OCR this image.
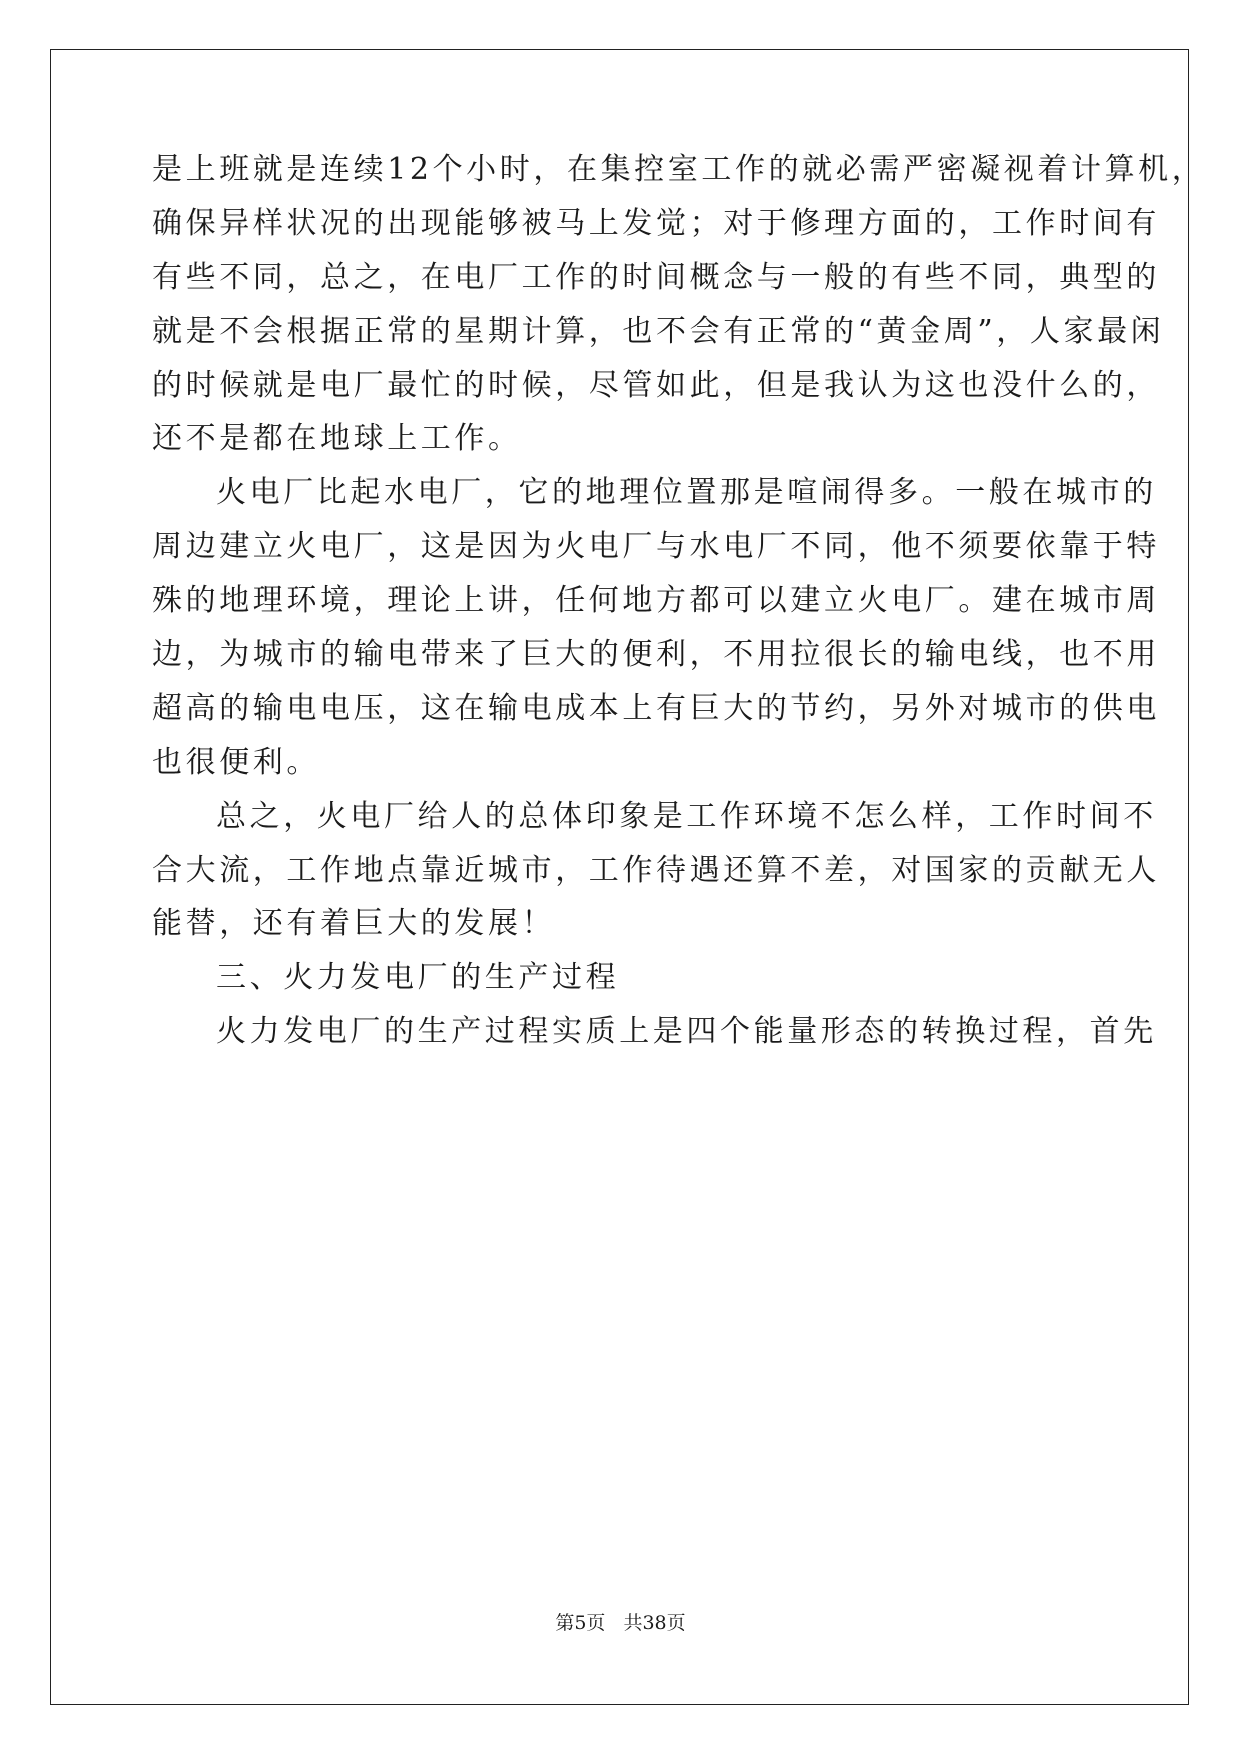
是上班就是连续12个小时，在集控室工作的就必需严密凝视着计算机，
确保异样状况的出现能够被马上发觉；对于修理方面的，工作时间有
有些不同，总之，在电厂工作的时间概念与一般的有些不同，典型的
就是不会根据正常的星期计算，也不会有正常的“黄金周”，人家最闲
的时候就是电厂最忙的时候，尽管如此，但是我认为这也没什么的，
还不是都在地球上工作。
火电厂比起水电厂，它的地理位置那是喧闹得多。一般在城市的
周边建立火电厂，这是因为火电厂与水电厂不同，他不须要依靠于特
殊的地理环境，理论上讲，任何地方都可以建立火电厂。建在城市周
边，为城市的输电带来了巨大的便利，不用拉很长的输电线，也不用
超高的输电电压，这在输电成本上有巨大的节约，另外对城市的供电
也很便利。
总之，火电厂给人的总体印象是工作环境不怎么样，工作时间不
合大流，工作地点靠近城市，工作待遇还算不差，对国家的贡献无人
能替，还有着巨大的发展！
三、火力发电厂的生产过程
火力发电厂的生产过程实质上是四个能量形态的转换过程，首先
第5页 共38页
